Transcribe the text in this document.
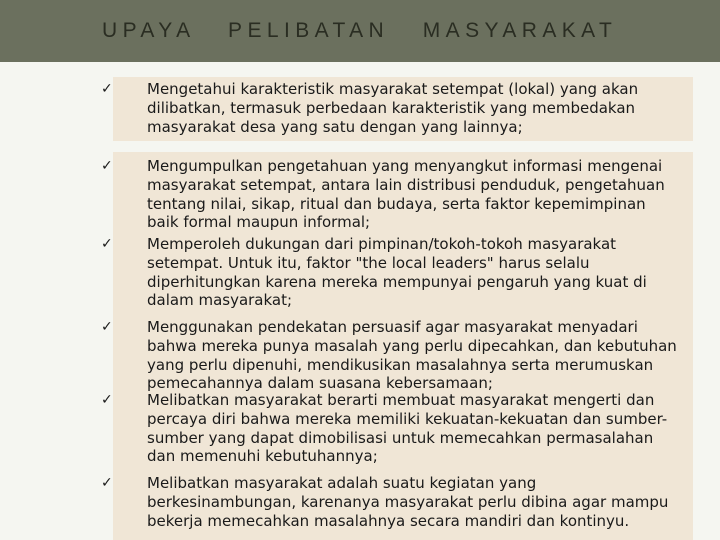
UPAYA   PELIBATAN   MASYARAKAT
✓	Mengetahui karakteristik masyarakat setempat (lokal) yang akan
dilibatkan, termasuk perbedaan karakteristik yang membedakan
masyarakat desa yang satu dengan yang lainnya;
✓	Mengumpulkan pengetahuan yang menyangkut informasi mengenai
masyarakat setempat, antara lain distribusi penduduk, pengetahuan
tentang nilai, sikap, ritual dan budaya, serta faktor kepemimpinan
baik formal maupun informal;
✓	Memperoleh dukungan dari pimpinan/tokoh-tokoh masyarakat
setempat. Untuk itu, faktor "the local leaders" harus selalu
diperhitungkan karena mereka mempunyai pengaruh yang kuat di
dalam masyarakat;
✓	Menggunakan pendekatan persuasif agar masyarakat menyadari
bahwa mereka punya masalah yang perlu dipecahkan, dan kebutuhan
yang perlu dipenuhi, mendikusikan masalahnya serta merumuskan
pemecahannya dalam suasana kebersamaan;
✓	Melibatkan masyarakat berarti membuat masyarakat mengerti dan
percaya diri bahwa mereka memiliki kekuatan-kekuatan dan sumber-
sumber yang dapat dimobilisasi untuk memecahkan permasalahan
dan memenuhi kebutuhannya;
✓	Melibatkan masyarakat adalah suatu kegiatan yang
berkesinambungan, karenanya masyarakat perlu dibina agar mampu
bekerja memecahkan masalahnya secara mandiri dan kontinyu.
